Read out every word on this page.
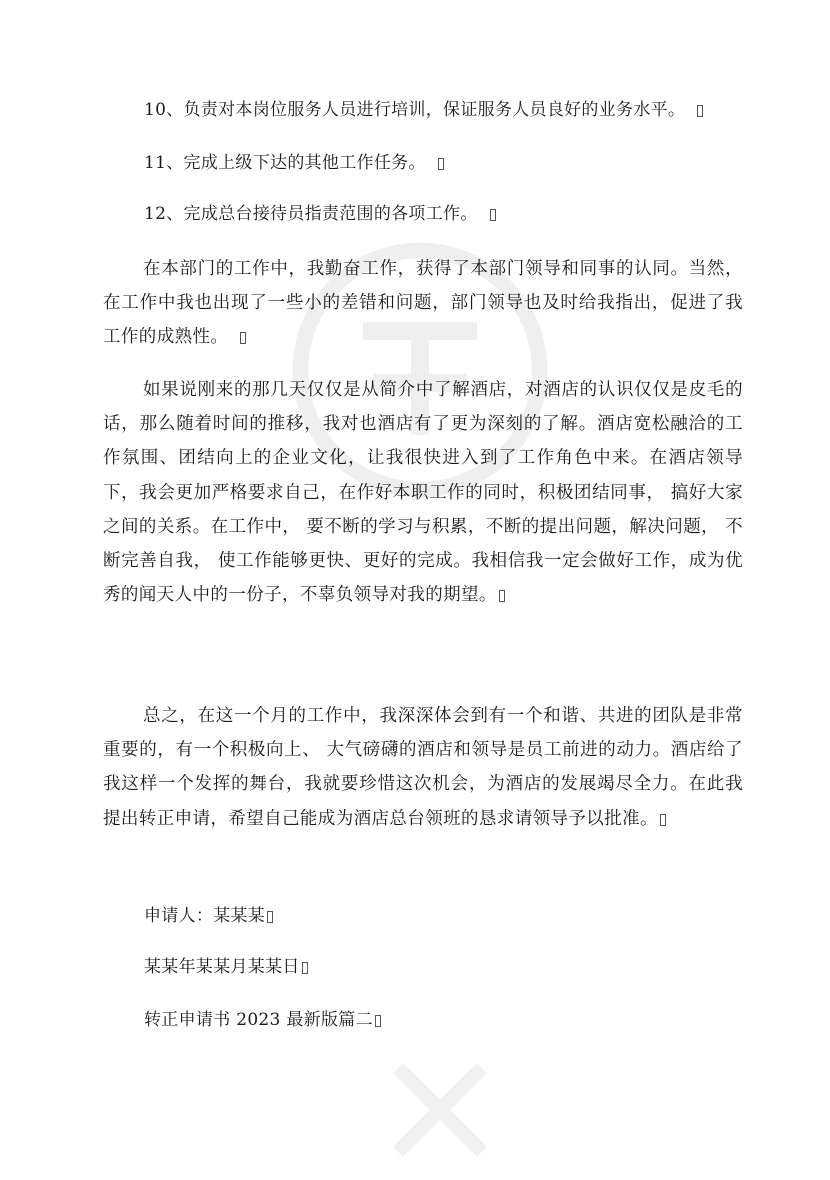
10、负责对本岗位服务人员进行培训，保证服务人员良好的业务水平。
11、完成上级下达的其他工作任务。
12、完成总台接待员指责范围的各项工作。
在本部门的工作中，我勤奋工作，获得了本部门领导和同事的认同。当然，在工作中我也出现了一些小的差错和问题，部门领导也及时给我指出，促进了我工作的成熟性。
如果说刚来的那几天仅仅是从简介中了解酒店，对酒店的认识仅仅是皮毛的话，那么随着时间的推移，我对也酒店有了更为深刻的了解。酒店宽松融洽的工作氛围、团结向上的企业文化，让我很快进入到了工作角色中来。在酒店领导下，我会更加严格要求自己，在作好本职工作的同时，积极团结同事， 搞好大家之间的关系。在工作中， 要不断的学习与积累，不断的提出问题，解决问题， 不断完善自我， 使工作能够更快、更好的完成。我相信我一定会做好工作，成为优秀的闻天人中的一份子，不辜负领导对我的期望。
总之，在这一个月的工作中，我深深体会到有一个和谐、共进的团队是非常重要的，有一个积极向上、 大气磅礴的酒店和领导是员工前进的动力。酒店给了我这样一个发挥的舞台，我就要珍惜这次机会，为酒店的发展竭尽全力。在此我提出转正申请，希望自己能成为酒店总台领班的恳求请领导予以批准。
申请人：某某某
某某年某某月某某日
转正申请书 2023 最新版篇二
